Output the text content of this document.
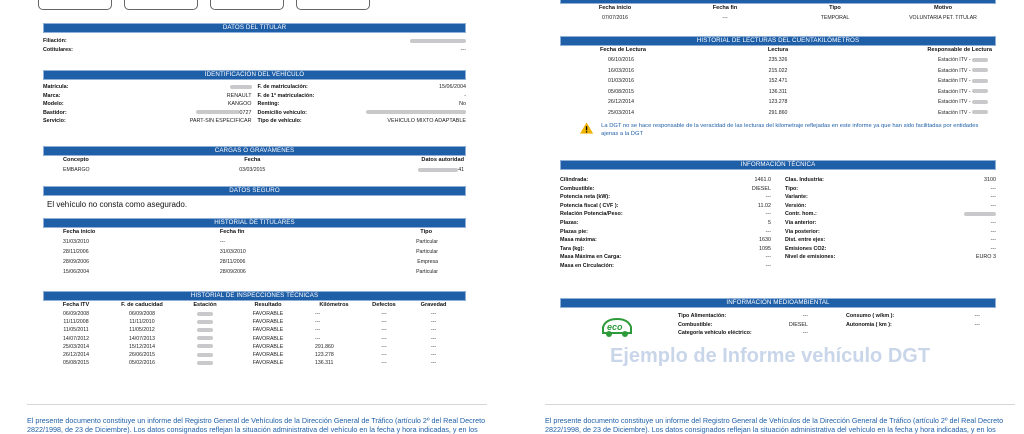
DATOS DEL TITULAR
Filiación:
Cotitulares:	---
IDENTIFICACIÓN DEL VEHÍCULO
Matrícula:
Marca:	RENAULT
Modelo:	KANGOO
Bastidor:	0727
Servicio:	PART-SIN ESPECIFICAR
F. de matriculación:	15/06/2004
F. de 1ª matriculación:	-
Renting:	No
Domicilio vehículo:
Tipo de vehículo:	VEHICULO MIXTO ADAPTABLE
CARGAS O GRAVÁMENES
Concepto	Fecha	Datos autoridad
EMBARGO	03/03/2015	41
DATOS SEGURO
El vehículo no consta como asegurado.
HISTORIAL DE TITULARES
Fecha inicio	Fecha fin	Tipo
31/03/2010	---	Particular
28/11/2006	31/03/2010	Particular
28/09/2006	28/11/2006	Empresa
15/06/2004	28/09/2006	Particular
HISTORIAL DE INSPECCIONES TÉCNICAS
Fecha ITV	F. de caducidad	Estación	Resultado	Kilómetros	Defectos	Gravedad
06/09/2008	06/09/2008		FAVORABLE	---	---	---
11/11/2008	11/11/2010		FAVORABLE	---	---	---
11/05/2011	11/05/2012		FAVORABLE	---	---	---
14/07/2012	14/07/2013		FAVORABLE	---	---	---
25/03/2014	15/12/2014		FAVORABLE	291.860	---	---
26/12/2014	26/06/2015		FAVORABLE	123.278	---	---
05/08/2015	05/02/2016		FAVORABLE	136.311	---	---
El presente documento constituye un informe del Registro General de Vehículos de la Dirección General de Tráfico (artículo 2º del Real Decreto 2822/1998, de 23 de Diciembre). Los datos consignados reflejan la situación administrativa del vehículo en la fecha y hora indicadas, y en los
Fecha inicio	Fecha fin	Tipo	Motivo
07/07/2016	---	TEMPORAL	VOLUNTARIA PET. TITULAR
HISTORIAL DE LECTURAS DEL CUENTAKILÓMETROS
Fecha de Lectura	Lectura	Responsable de Lectura
06/10/2016	235.326	Estación ITV -
16/03/2016	215.022	Estación ITV -
01/03/2016	152.471	Estación ITV -
05/08/2015	136.311	Estación ITV -
26/12/2014	123.278	Estación ITV -
25/03/2014	291.860	Estación ITV -
La DGT no se hace responsable de la veracidad de las lecturas del kilometraje reflejadas en este informe ya que han sido facilitadas por entidades ajenas a la DGT
INFORMACIÓN TÉCNICA
Cilindrada:	1461.0
Combustible:	DIESEL
Potencia neta (kW):	---
Potencia fiscal ( CVF ):	11.02
Relación Potencia/Peso:	---
Plazas:	5
Plazas pie:	---
Masa máxima:	1630
Tara (kg):	1095
Masa Máxima en Carga:	---
Masa en Circulación:	---
Clas. Industria:	3100
Tipo:	---
Variante:	---
Versión:	---
Contr. hom.:
Vía anterior:	---
Vía posterior:	---
Dist. entre ejes:	---
Emisiones CO2:	---
Nivel de emisiones:	EURO 3
INFORMACIÓN MEDIOAMBIENTAL
eco
Tipo Alimentación:	---
Combustible:	DIESEL
Categoría vehículo eléctrico:	---
Consumo ( w/km ):	---
Autonomía ( km ):	---
Ejemplo de Informe vehículo DGT
El presente documento constituye un informe del Registro General de Vehículos de la Dirección General de Tráfico (artículo 2º del Real Decreto 2822/1998, de 23 de Diciembre). Los datos consignados reflejan la situación administrativa del vehículo en la fecha y hora indicadas, y en los
